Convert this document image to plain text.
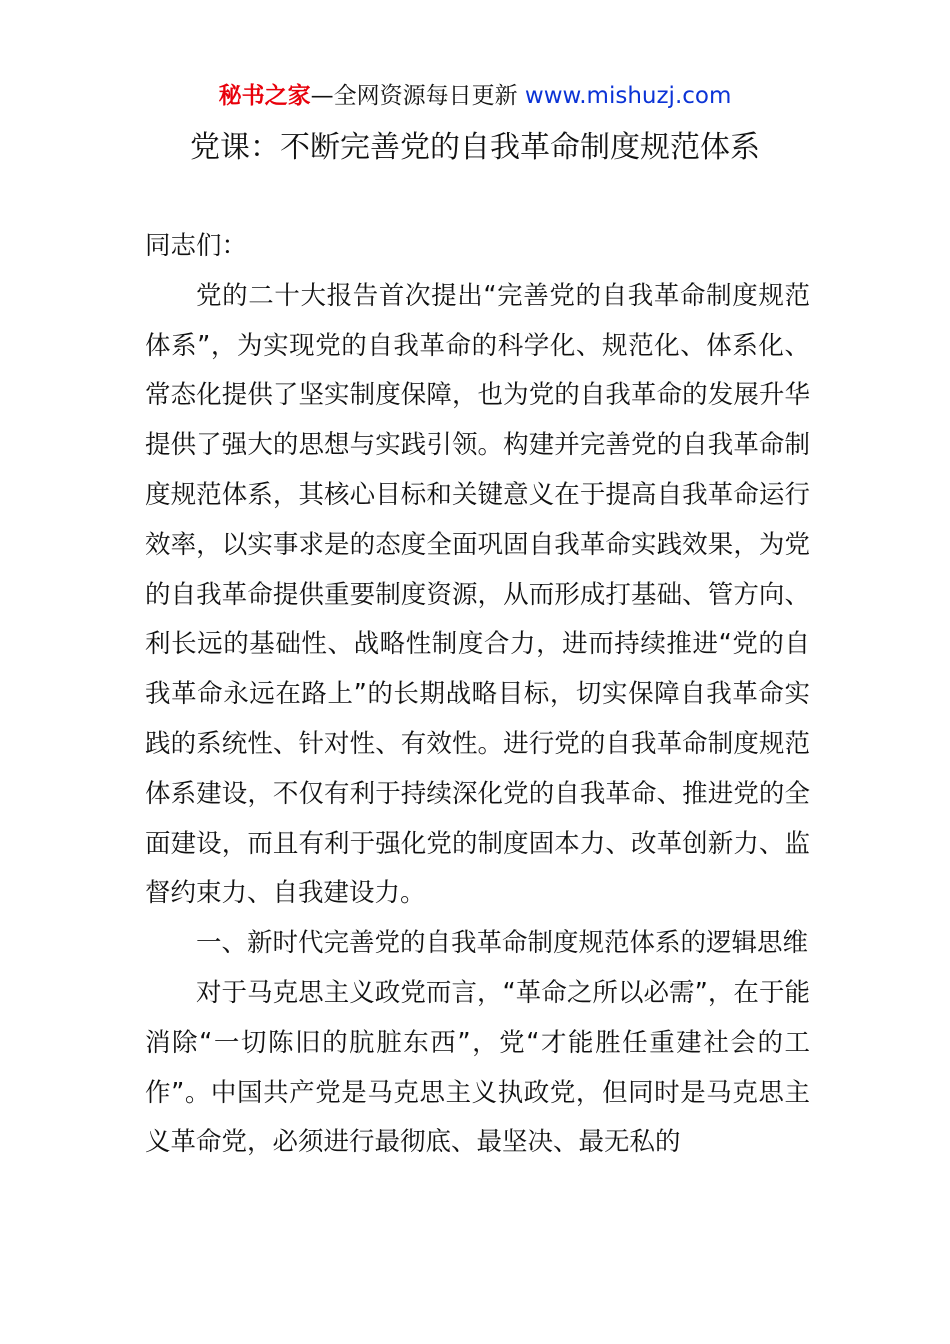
秘书之家—全网资源每日更新 www.mishuzj.com
党课：不断完善党的自我革命制度规范体系

同志们：

党的二十大报告首次提出“完善党的自我革命制度规范体系”，为实现党的自我革命的科学化、规范化、体系化、常态化提供了坚实制度保障，也为党的自我革命的发展升华提供了强大的思想与实践引领。构建并完善党的自我革命制度规范体系，其核心目标和关键意义在于提高自我革命运行效率，以实事求是的态度全面巩固自我革命实践效果，为党的自我革命提供重要制度资源，从而形成打基础、管方向、利长远的基础性、战略性制度合力，进而持续推进“党的自我革命永远在路上”的长期战略目标，切实保障自我革命实践的系统性、针对性、有效性。进行党的自我革命制度规范体系建设，不仅有利于持续深化党的自我革命、推进党的全面建设，而且有利于强化党的制度固本力、改革创新力、监督约束力、自我建设力。

一、新时代完善党的自我革命制度规范体系的逻辑思维

对于马克思主义政党而言，“革命之所以必需”，在于能消除“一切陈旧的肮脏东西”，党“才能胜任重建社会的工作”。中国共产党是马克思主义执政党，但同时是马克思主义革命党，必须进行最彻底、最坚决、最无私的
